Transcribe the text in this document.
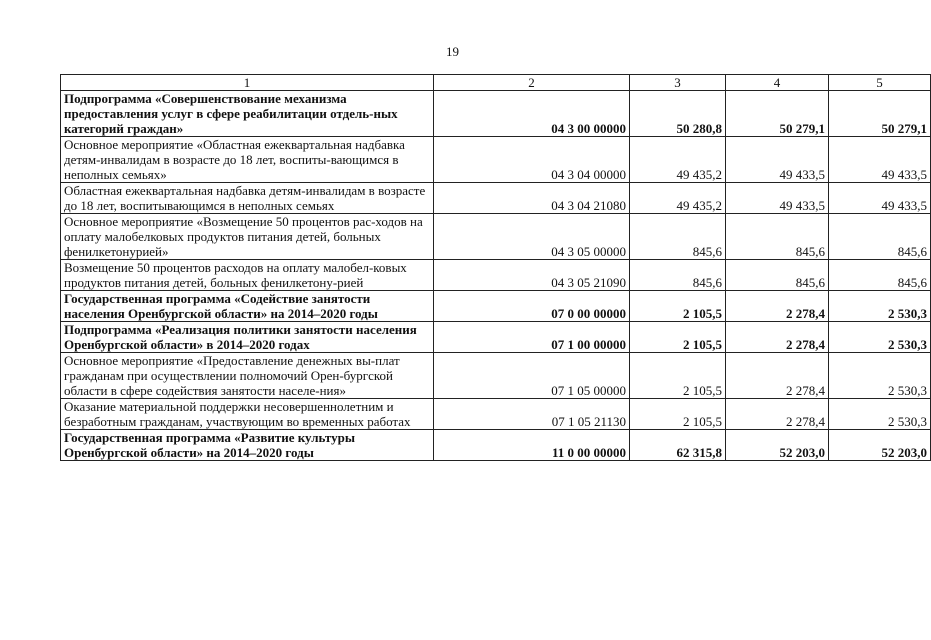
19
1	2	3	4	5
Подпрограмма «Совершенствование механизма предоставления услуг в сфере реабилитации отдель-ных категорий граждан»	04 3 00 00000	50 280,8	50 279,1	50 279,1
Основное мероприятие «Областная ежеквартальная надбавка детям-инвалидам в возрасте до 18 лет, воспиты-вающимся в неполных семьях»	04 3 04 00000	49 435,2	49 433,5	49 433,5
Областная ежеквартальная надбавка детям-инвалидам в возрасте до 18 лет, воспитывающимся в неполных семьях	04 3 04 21080	49 435,2	49 433,5	49 433,5
Основное мероприятие «Возмещение 50 процентов рас-ходов на оплату малобелковых продуктов питания детей, больных фенилкетонурией»	04 3 05 00000	845,6	845,6	845,6
Возмещение 50 процентов расходов на оплату малобел-ковых продуктов питания детей, больных фенилкетону-рией	04 3 05 21090	845,6	845,6	845,6
Государственная программа «Содействие занятости населения Оренбургской области» на 2014–2020 годы	07 0 00 00000	2 105,5	2 278,4	2 530,3
Подпрограмма «Реализация политики занятости населения Оренбургской области» в 2014–2020 годах	07 1 00 00000	2 105,5	2 278,4	2 530,3
Основное мероприятие «Предоставление денежных вы-плат гражданам при осуществлении полномочий Орен-бургской области в сфере содействия занятости населе-ния»	07 1 05 00000	2 105,5	2 278,4	2 530,3
Оказание материальной поддержки несовершеннолетним и безработным гражданам, участвующим во временных работах	07 1 05 21130	2 105,5	2 278,4	2 530,3
Государственная программа «Развитие культуры Оренбургской области» на 2014–2020 годы	11 0 00 00000	62 315,8	52 203,0	52 203,0
